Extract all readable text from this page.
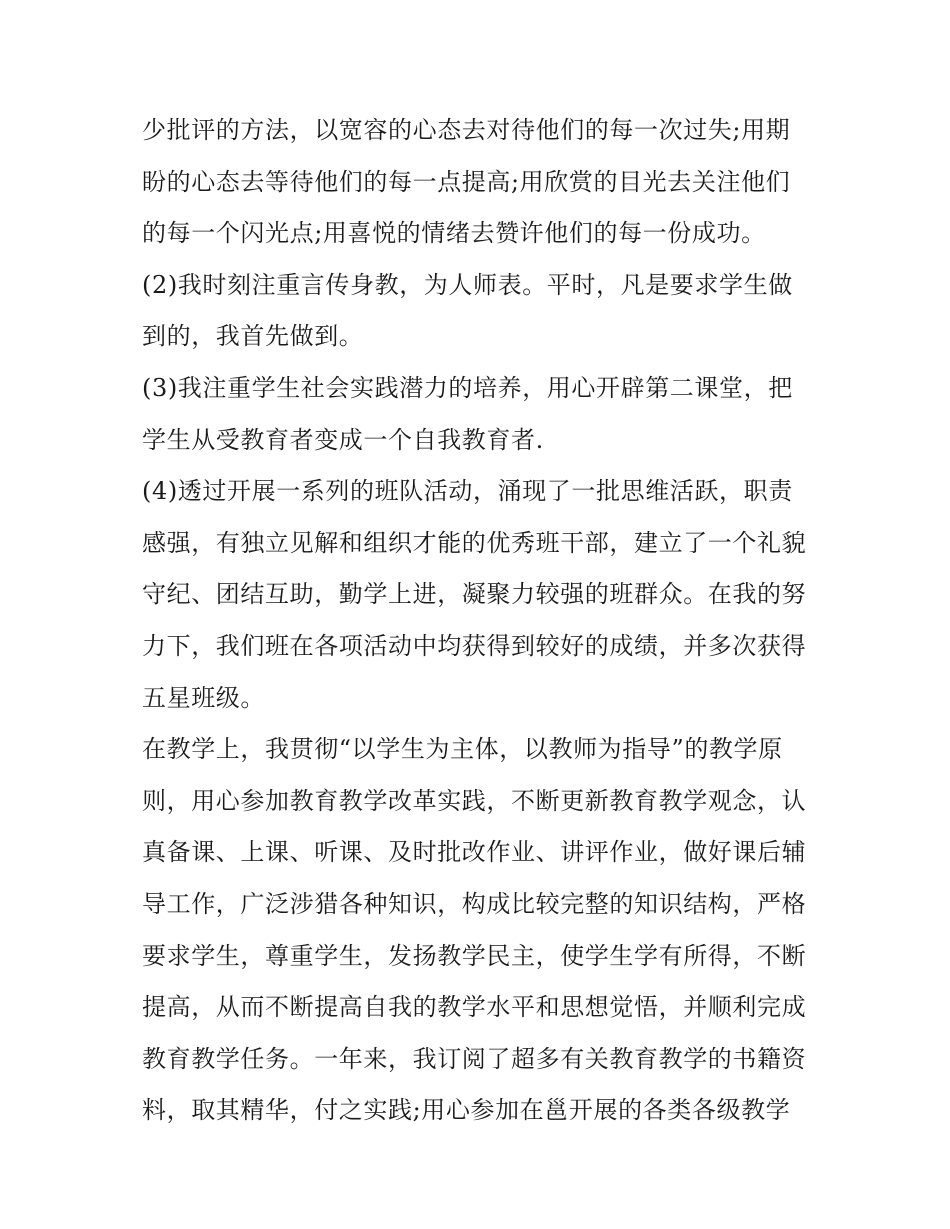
少批评的方法，以宽容的心态去对待他们的每一次过失;用期
盼的心态去等待他们的每一点提高;用欣赏的目光去关注他们
的每一个闪光点;用喜悦的情绪去赞许他们的每一份成功。
(2)我时刻注重言传身教，为人师表。平时，凡是要求学生做
到的，我首先做到。
(3)我注重学生社会实践潜力的培养，用心开辟第二课堂，把
学生从受教育者变成一个自我教育者.
(4)透过开展一系列的班队活动，涌现了一批思维活跃，职责
感强，有独立见解和组织才能的优秀班干部，建立了一个礼貌
守纪、团结互助，勤学上进，凝聚力较强的班群众。在我的努
力下，我们班在各项活动中均获得到较好的成绩，并多次获得
五星班级。
在教学上，我贯彻“以学生为主体，以教师为指导”的教学原
则，用心参加教育教学改革实践，不断更新教育教学观念，认
真备课、上课、听课、及时批改作业、讲评作业，做好课后辅
导工作，广泛涉猎各种知识，构成比较完整的知识结构，严格
要求学生，尊重学生，发扬教学民主，使学生学有所得，不断
提高，从而不断提高自我的教学水平和思想觉悟，并顺利完成
教育教学任务。一年来，我订阅了超多有关教育教学的书籍资
料，取其精华，付之实践;用心参加在邕开展的各类各级教学
